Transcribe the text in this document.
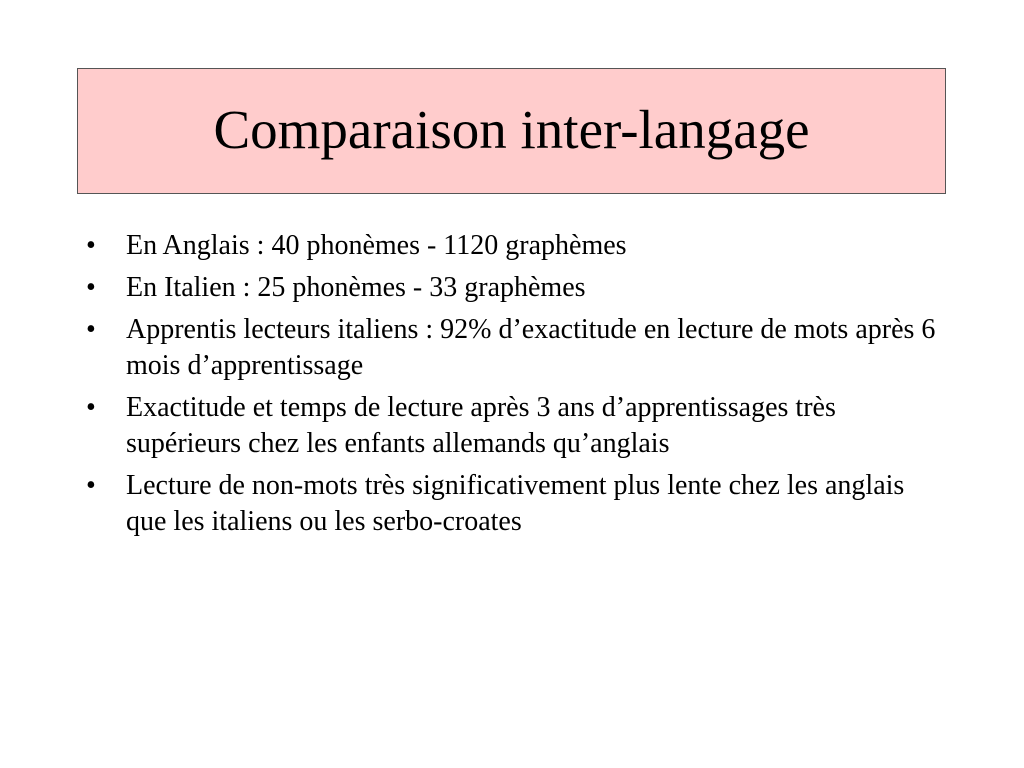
Comparaison inter-langage
•	En Anglais : 40 phonèmes - 1120 graphèmes
•	En Italien : 25 phonèmes - 33 graphèmes
•	Apprentis lecteurs italiens : 92% d’exactitude en lecture de mots après 6 mois d’apprentissage
•	Exactitude et temps de lecture après 3 ans d’apprentissages très supérieurs chez les enfants allemands qu’anglais
•	Lecture de non-mots très significativement plus lente chez les anglais que les italiens ou les serbo-croates
